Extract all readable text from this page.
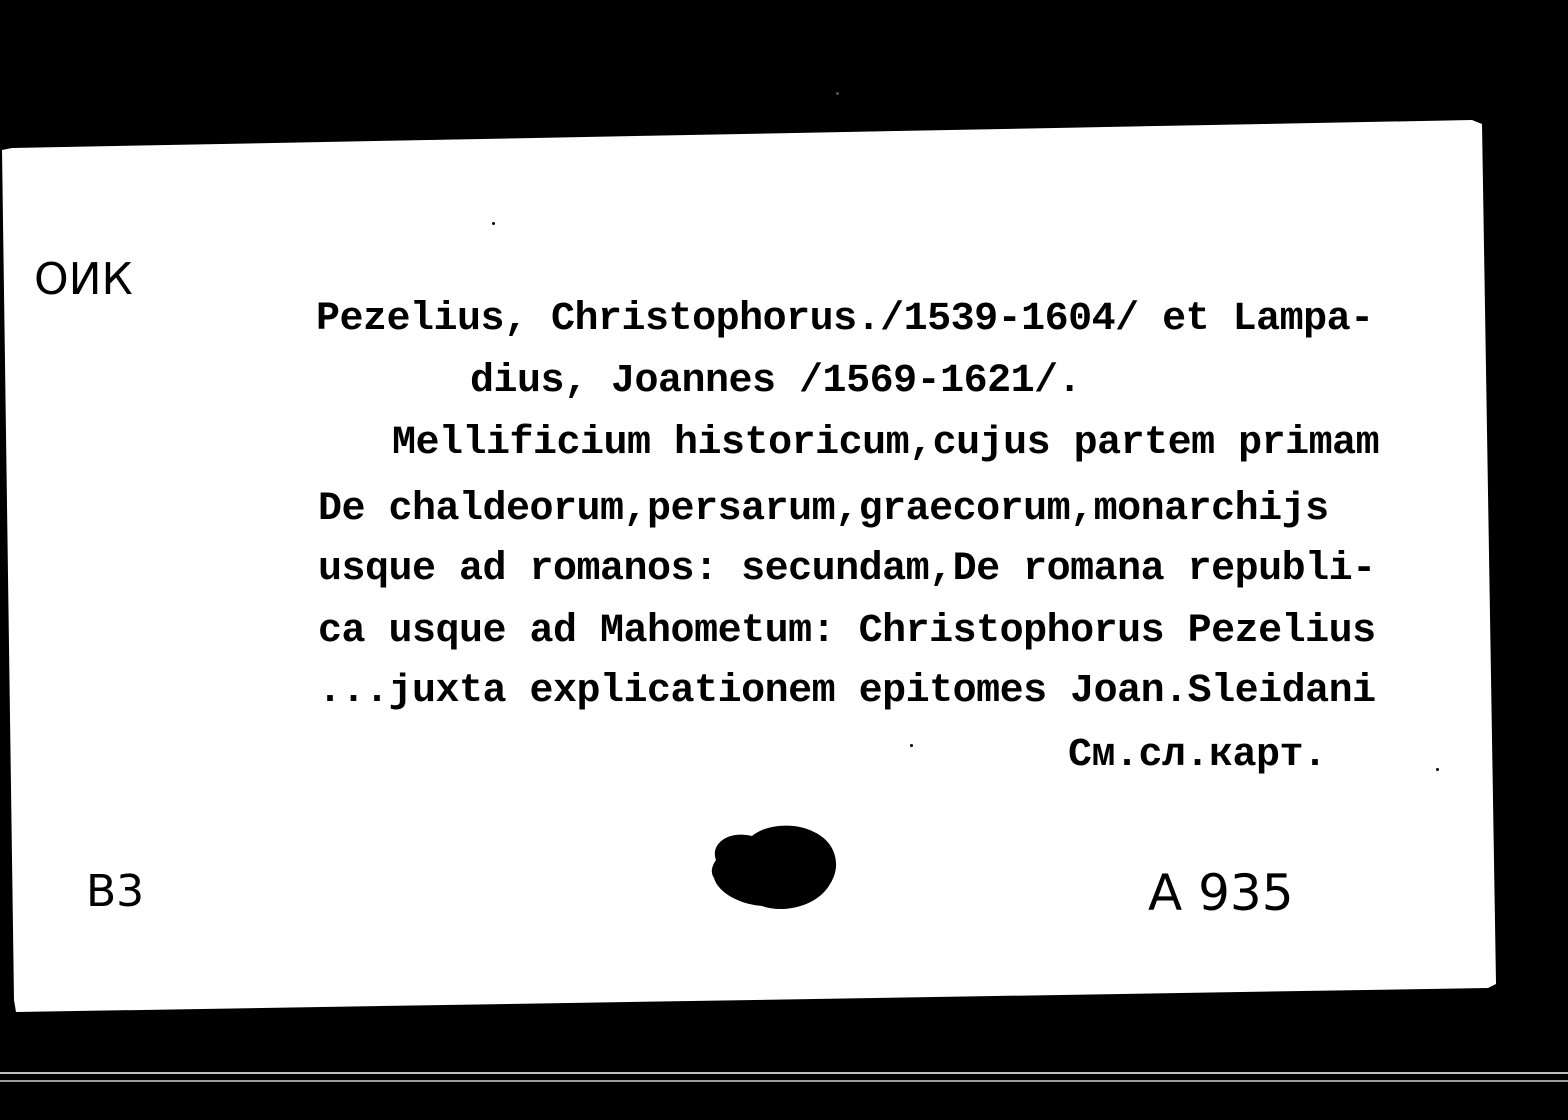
ОИК
Pezelius, Christophorus./1539-1604/ et Lampa-
dius, Joannes /1569-1621/.
Mellificium historicum,cujus partem primam
De chaldeorum,persarum,graecorum,monarchijs
usque ad romanos: secundam,De romana republi-
ca usque ad Mahometum: Christophorus Pezelius
...juxta explicationem epitomes Joan.Sleidani
См.сл.карт.
В3	А 935
